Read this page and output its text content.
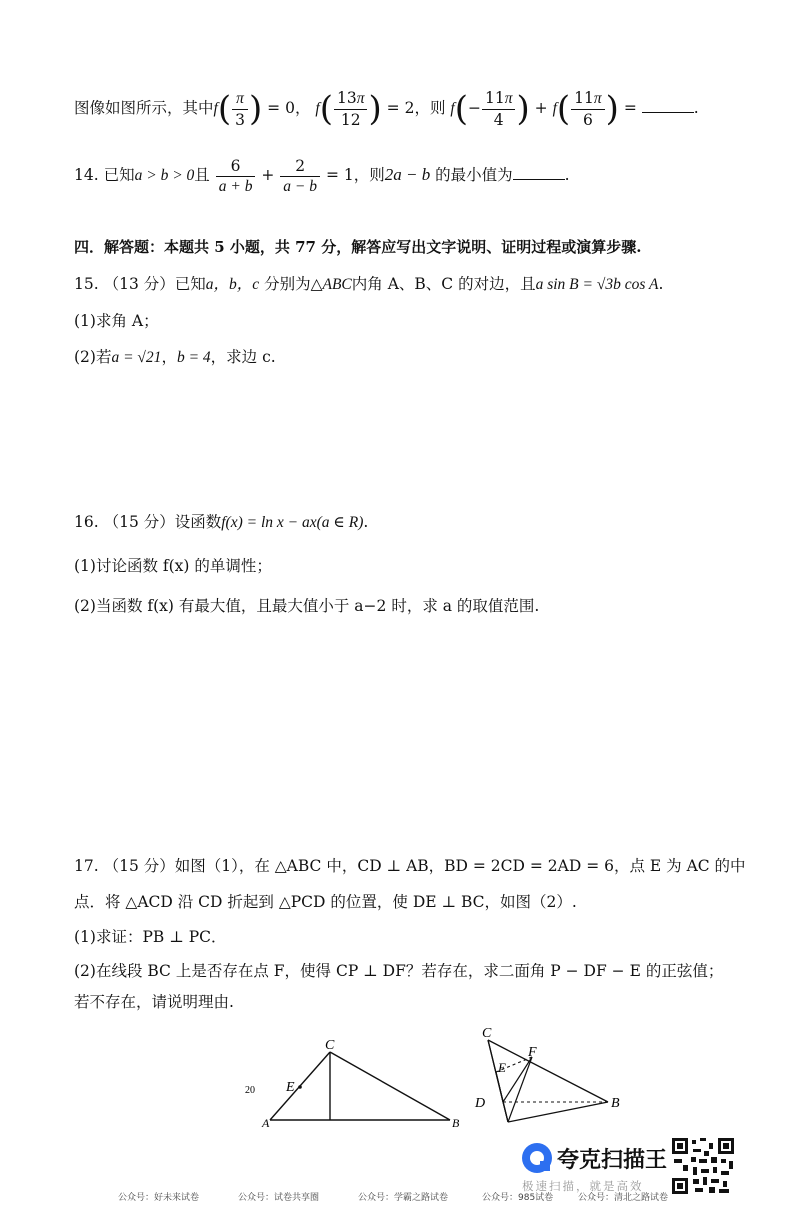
图像如图所示，其中$f( \frac{\pi}{3}$ ) = 0， $f( \frac{13\pi}{12}$ ) = 2，则 $f(- \frac{11\pi}{4}$ ) + $f( \frac{11\pi}{6}$ ) =	.
14. 已知a > b > 0且 $\frac{6}{a + b} + \frac{2}{a - b} = 1$，则2a − b 的最小值为	.
四．解答题：本题共 5 小题，共 77 分，解答应写出文字说明、证明过程或演算步骤.
15. （13 分）已知a，b，c 分别为△ABC内角 A、B、C 的对边，且a sin B = √3b cos A.
(1)求角 A；
(2)若a = √21，b = 4，求边 c.
16. （15 分）设函数f(x) = ln x − ax(a ∈ R).
(1)讨论函数 f(x) 的单调性；
(2)当函数 f(x) 有最大值，且最大值小于 a−2 时，求 a 的取值范围.
17. （15 分）如图（1），在 △ABC 中，CD ⊥ AB，BD = 2CD = 2AD = 6，点 E 为 AC 的中
点．将 △ACD 沿 CD 折起到 △PCD 的位置，使 DE ⊥ BC，如图（2）.
(1)求证：PB ⊥ PC．
(2)在线段 BC 上是否存在点 F，使得 CP ⊥ DF？若存在，求二面角 P − DF − E 的正弦值；
若不存在，请说明理由.
C
E
20
A	B
C
F
E
D	B
夸克扫描王
极速扫描，就是高效
公众号：好未来试卷	公众号：试卷共享圈	公众号：学霸之路试卷	公众号：985试卷	公众号：清北之路试卷
